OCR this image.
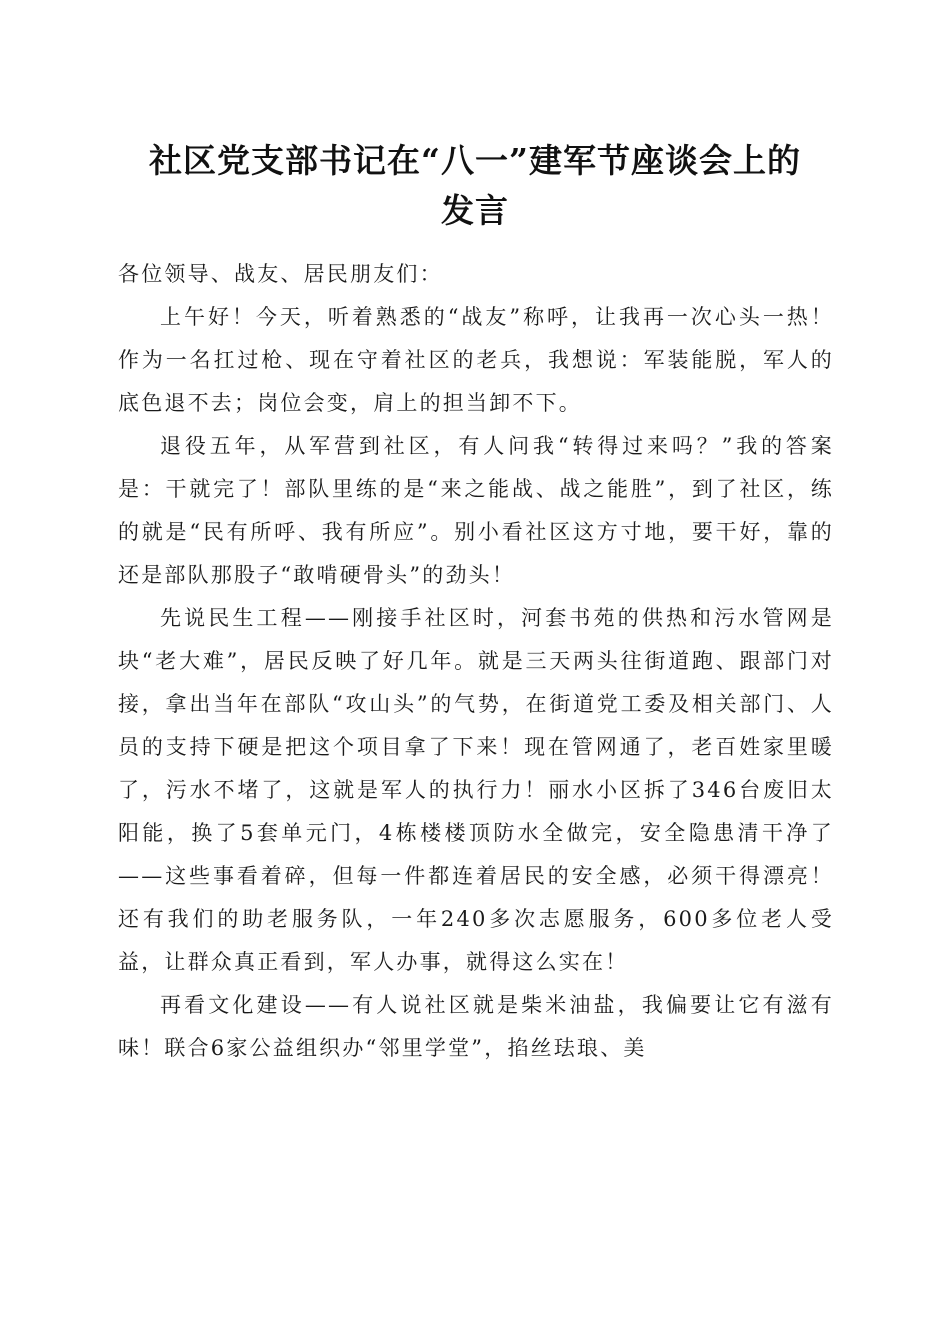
社区党支部书记在“八一”建军节座谈会上的
发言

各位领导、战友、居民朋友们：

上午好！今天，听着熟悉的“战友”称呼，让我再一次心头一热！作为一名扛过枪、现在守着社区的老兵，我想说：军装能脱，军人的底色退不去；岗位会变，肩上的担当卸不下。

退役五年，从军营到社区，有人问我“转得过来吗？”我的答案是：干就完了！部队里练的是“来之能战、战之能胜”，到了社区，练的就是“民有所呼、我有所应”。别小看社区这方寸地，要干好，靠的还是部队那股子“敢啃硬骨头”的劲头！

先说民生工程——刚接手社区时，河套书苑的供热和污水管网是块“老大难”，居民反映了好几年。就是三天两头往街道跑、跟部门对接，拿出当年在部队“攻山头”的气势，在街道党工委及相关部门、人员的支持下硬是把这个项目拿了下来！现在管网通了，老百姓家里暖了，污水不堵了，这就是军人的执行力！丽水小区拆了346台废旧太阳能，换了5套单元门，4栋楼楼顶防水全做完，安全隐患清干净了——这些事看着碎，但每一件都连着居民的安全感，必须干得漂亮！还有我们的助老服务队，一年240多次志愿服务，600多位老人受益，让群众真正看到，军人办事，就得这么实在！

再看文化建设——有人说社区就是柴米油盐，我偏要让它有滋有味！联合6家公益组织办“邻里学堂”，掐丝珐琅、美
